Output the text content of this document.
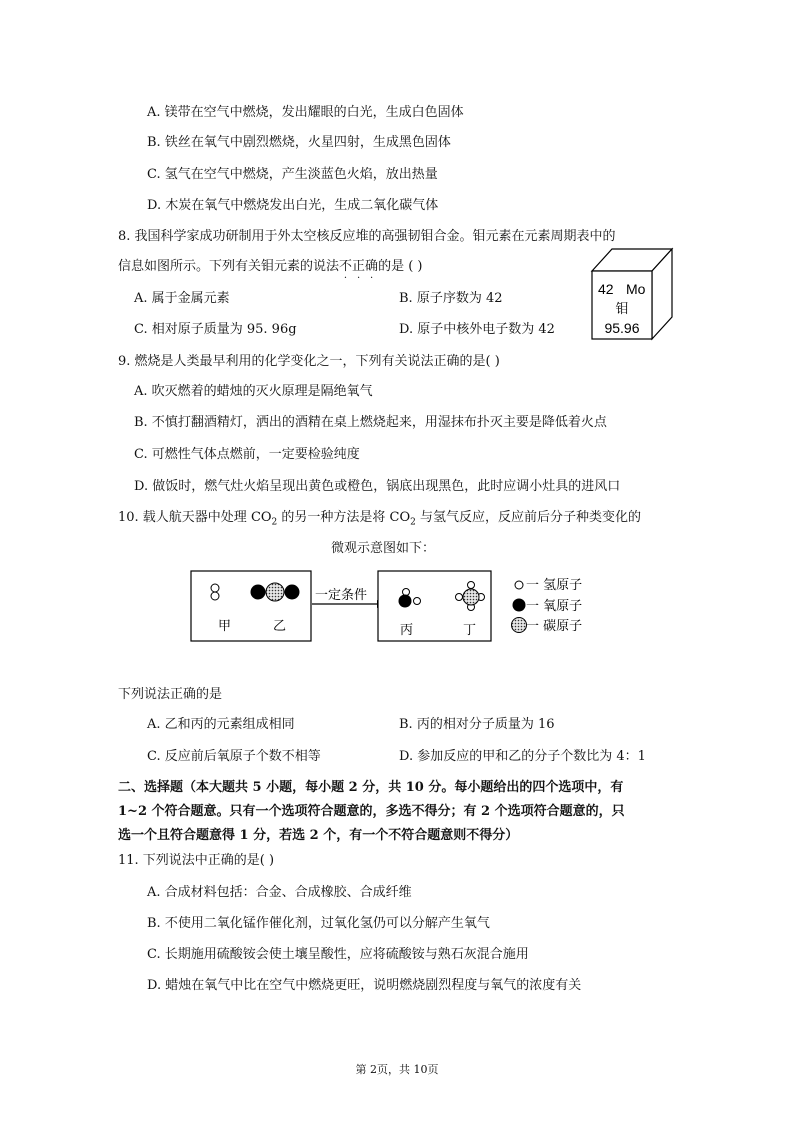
A. 镁带在空气中燃烧，发出耀眼的白光，生成白色固体
B. 铁丝在氧气中剧烈燃烧，火星四射，生成黑色固体
C. 氢气在空气中燃烧，产生淡蓝色火焰，放出热量
D. 木炭在氧气中燃烧发出白光，生成二氧化碳气体
8. 我国科学家成功研制用于外太空核反应堆的高强韧钼合金。钼元素在元素周期表中的
信息如图所示。下列有关钼元素的说法不正确的是 ( )
A. 属于金属元素	B. 原子序数为 42
C. 相对原子质量为 95. 96g	D. 原子中核外电子数为 42
42 Mo
钼
95.96
9. 燃烧是人类最早利用的化学变化之一，下列有关说法正确的是( )
A. 吹灭燃着的蜡烛的灭火原理是隔绝氧气
B. 不慎打翻酒精灯，洒出的酒精在桌上燃烧起来，用湿抹布扑灭主要是降低着火点
C. 可燃性气体点燃前，一定要检验纯度
D. 做饭时，燃气灶火焰呈现出黄色或橙色，锅底出现黑色，此时应调小灶具的进风口
10. 载人航天器中处理 $CO_2$ 的另一种方法是将 $CO_2$ 与氢气反应，反应前后分子种类变化的
微观示意图如下：
甲	乙
一定条件
丙	丁
一 氢原子
一 氧原子
一 碳原子
下列说法正确的是
A. 乙和丙的元素组成相同	B. 丙的相对分子质量为 16
C. 反应前后氧原子个数不相等	D. 参加反应的甲和乙的分子个数比为 4：1
二、选择题（本大题共 5 小题，每小题 2 分，共 10 分。每小题给出的四个选项中，有
1~2 个符合题意。只有一个选项符合题意的，多选不得分；有 2 个选项符合题意的，只
选一个且符合题意得 1 分，若选 2 个，有一个不符合题意则不得分）
11. 下列说法中正确的是( )
A. 合成材料包括：合金、合成橡胶、合成纤维
B. 不使用二氧化锰作催化剂，过氧化氢仍可以分解产生氧气
C. 长期施用硫酸铵会使土壤呈酸性，应将硫酸铵与熟石灰混合施用
D. 蜡烛在氧气中比在空气中燃烧更旺，说明燃烧剧烈程度与氧气的浓度有关
第 2页，共 10页
